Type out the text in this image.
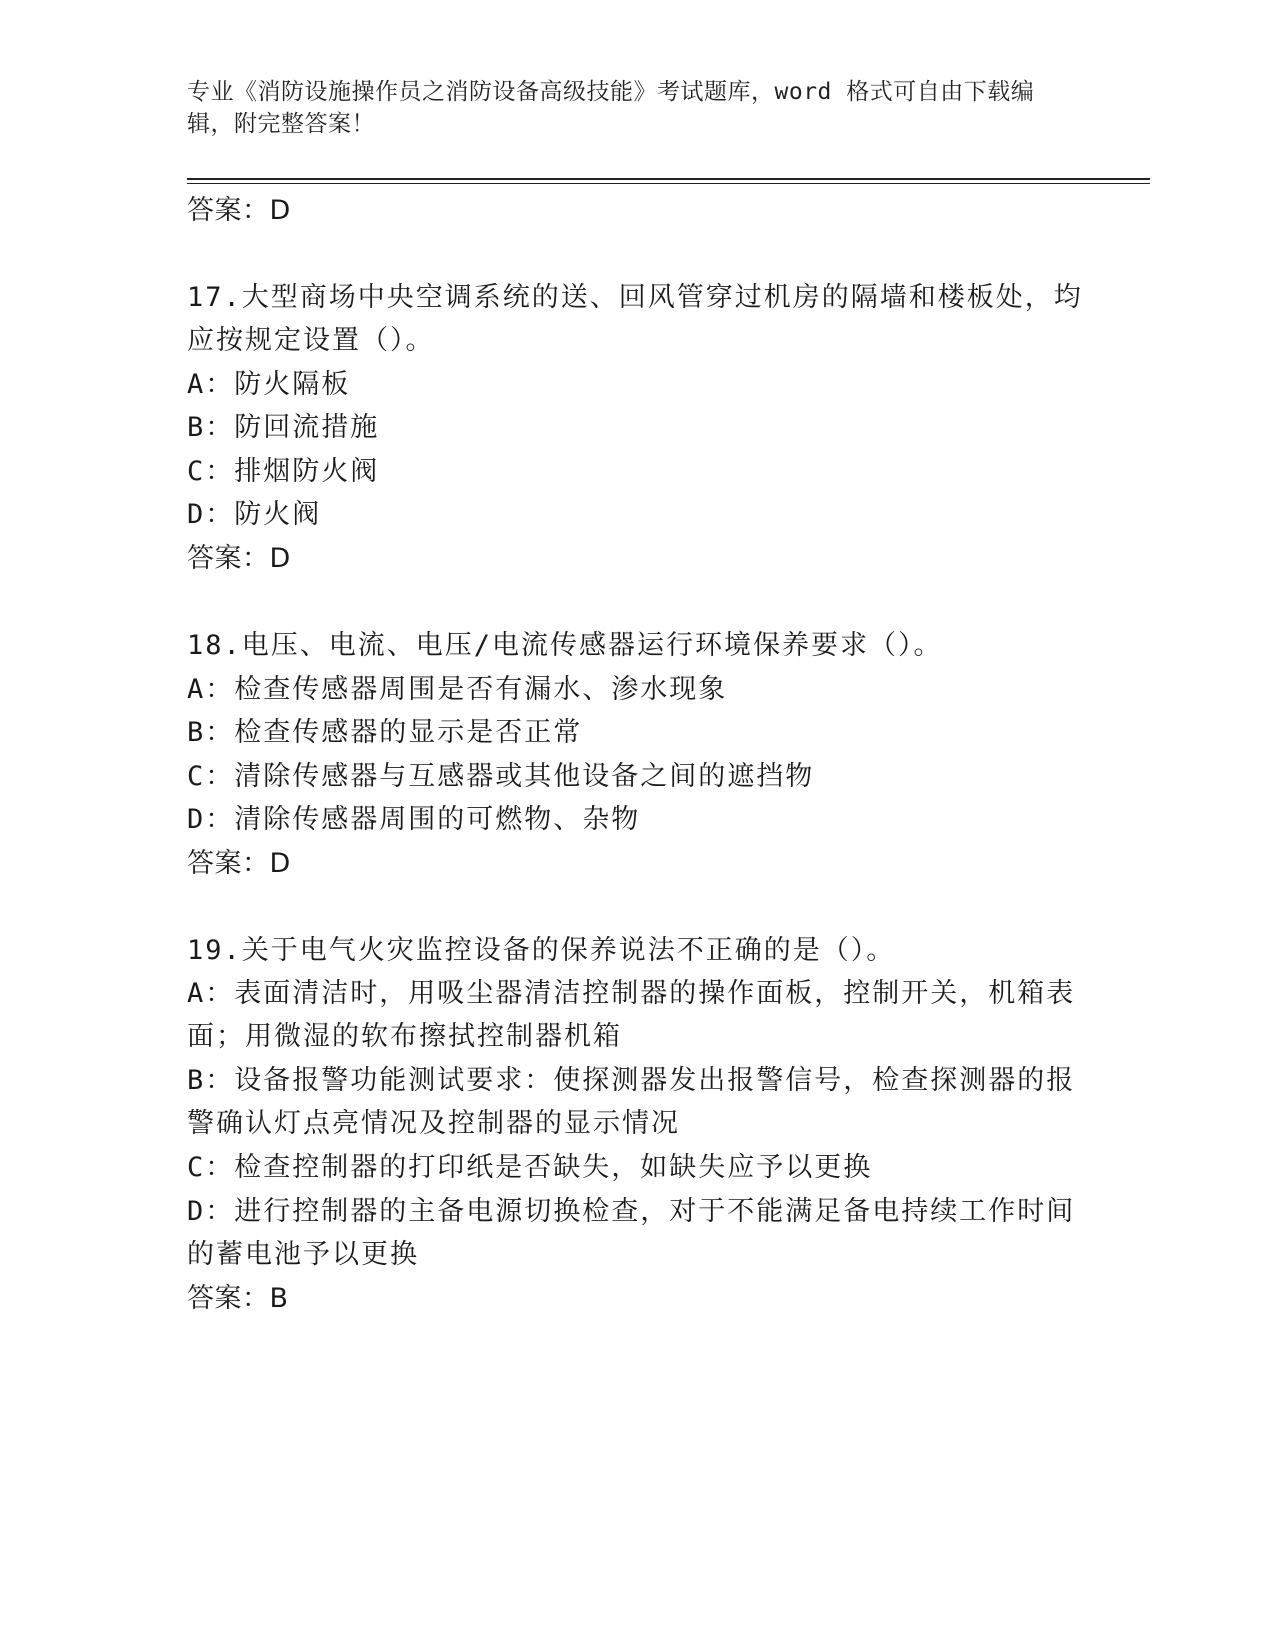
专业《消防设施操作员之消防设备高级技能》考试题库，word 格式可自由下载编
辑，附完整答案！
答案：D
17.大型商场中央空调系统的送、回风管穿过机房的隔墙和楼板处，均
应按规定设置（）。
A：防火隔板
B：防回流措施
C：排烟防火阀
D：防火阀
答案：D
18.电压、电流、电压/电流传感器运行环境保养要求（）。
A：检查传感器周围是否有漏水、渗水现象
B：检查传感器的显示是否正常
C：清除传感器与互感器或其他设备之间的遮挡物
D：清除传感器周围的可燃物、杂物
答案：D
19.关于电气火灾监控设备的保养说法不正确的是（）。
A：表面清洁时，用吸尘器清洁控制器的操作面板，控制开关，机箱表
面；用微湿的软布擦拭控制器机箱
B：设备报警功能测试要求：使探测器发出报警信号，检查探测器的报
警确认灯点亮情况及控制器的显示情况
C：检查控制器的打印纸是否缺失，如缺失应予以更换
D：进行控制器的主备电源切换检查，对于不能满足备电持续工作时间
的蓄电池予以更换
答案：B
